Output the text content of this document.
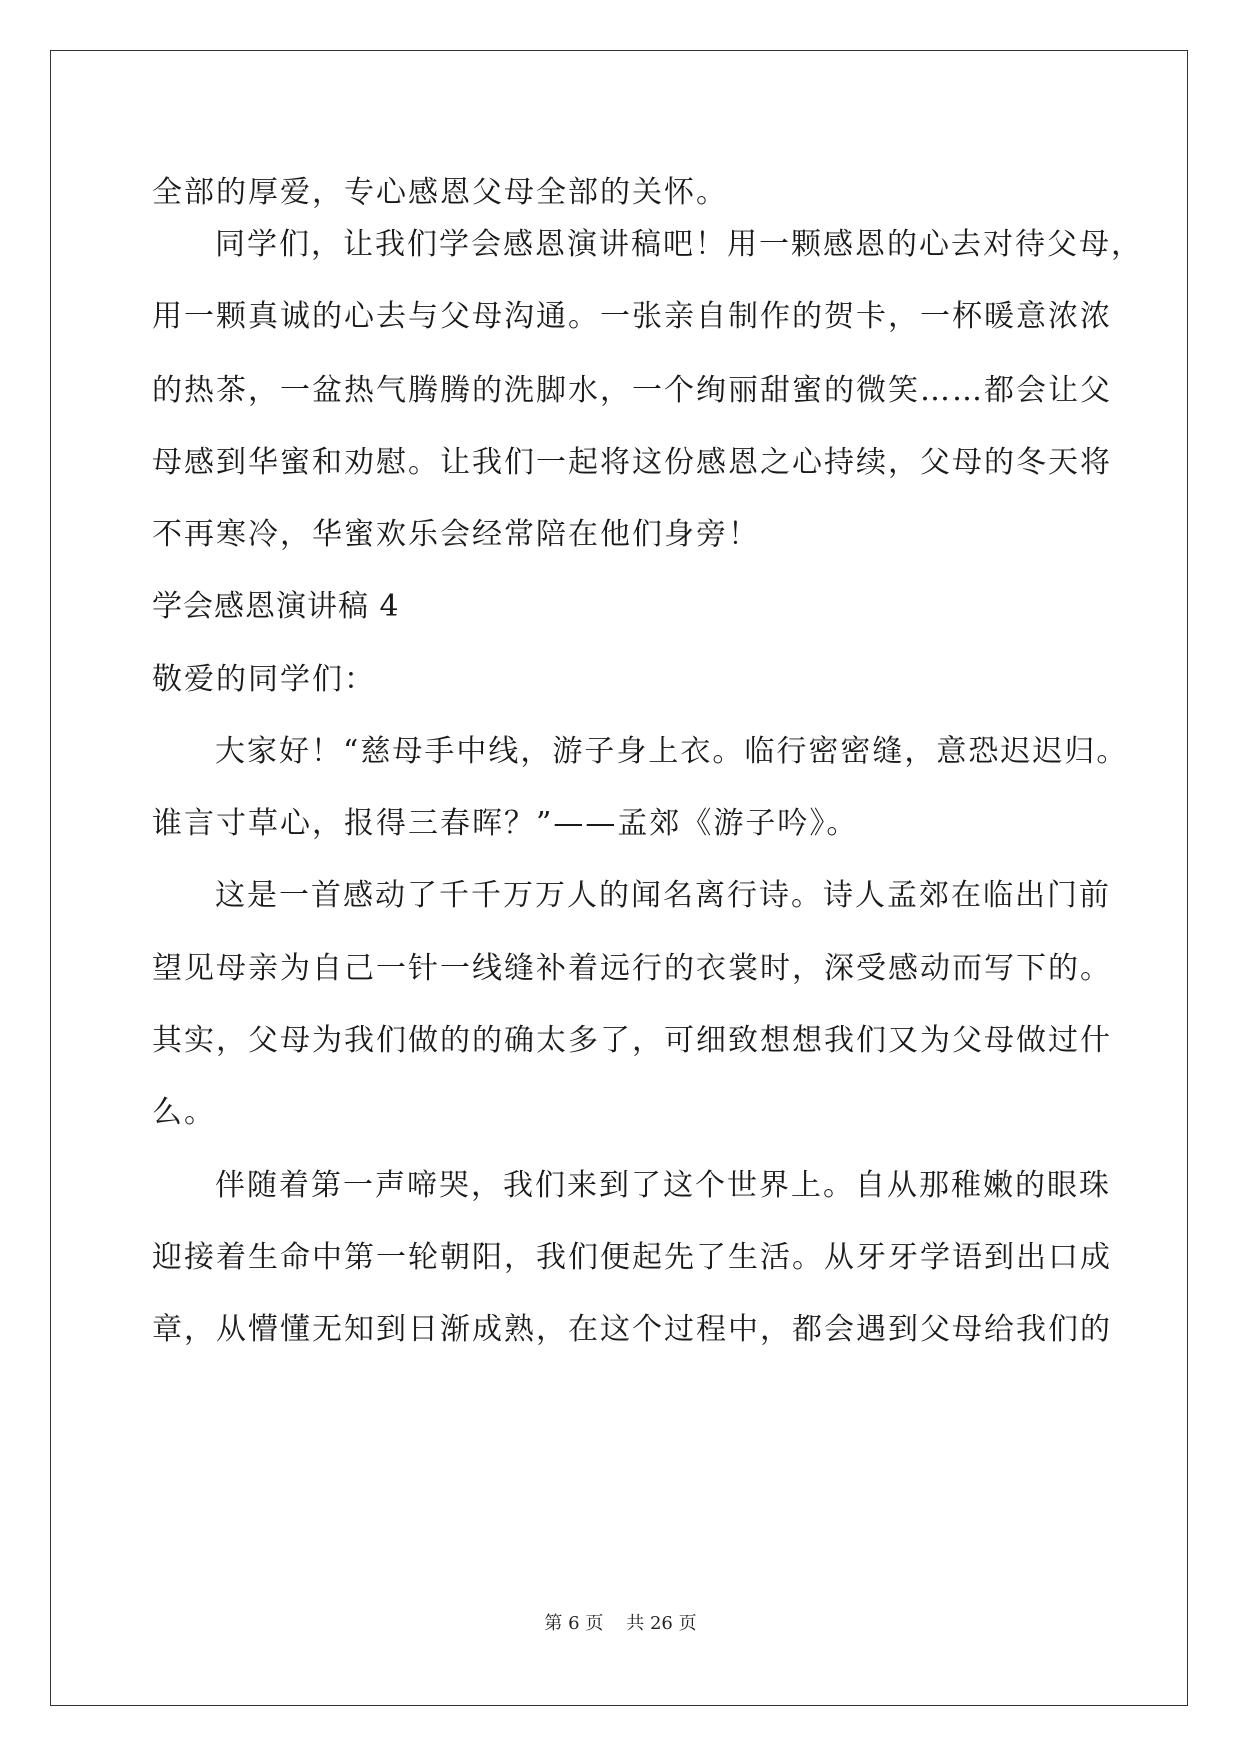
全部的厚爱，专心感恩父母全部的关怀。
同学们，让我们学会感恩演讲稿吧！用一颗感恩的心去对待父母，
用一颗真诚的心去与父母沟通。一张亲自制作的贺卡，一杯暖意浓浓
的热茶，一盆热气腾腾的洗脚水，一个绚丽甜蜜的微笑……都会让父
母感到华蜜和劝慰。让我们一起将这份感恩之心持续，父母的冬天将
不再寒冷，华蜜欢乐会经常陪在他们身旁！
学会感恩演讲稿 4
敬爱的同学们：
大家好！“慈母手中线，游子身上衣。临行密密缝，意恐迟迟归。
谁言寸草心，报得三春晖？”——孟郊《游子吟》。
这是一首感动了千千万万人的闻名离行诗。诗人孟郊在临出门前
望见母亲为自己一针一线缝补着远行的衣裳时，深受感动而写下的。
其实，父母为我们做的的确太多了，可细致想想我们又为父母做过什
么。
伴随着第一声啼哭，我们来到了这个世界上。自从那稚嫩的眼珠
迎接着生命中第一轮朝阳，我们便起先了生活。从牙牙学语到出口成
章，从懵懂无知到日渐成熟，在这个过程中，都会遇到父母给我们的
第 6 页 共 26 页
